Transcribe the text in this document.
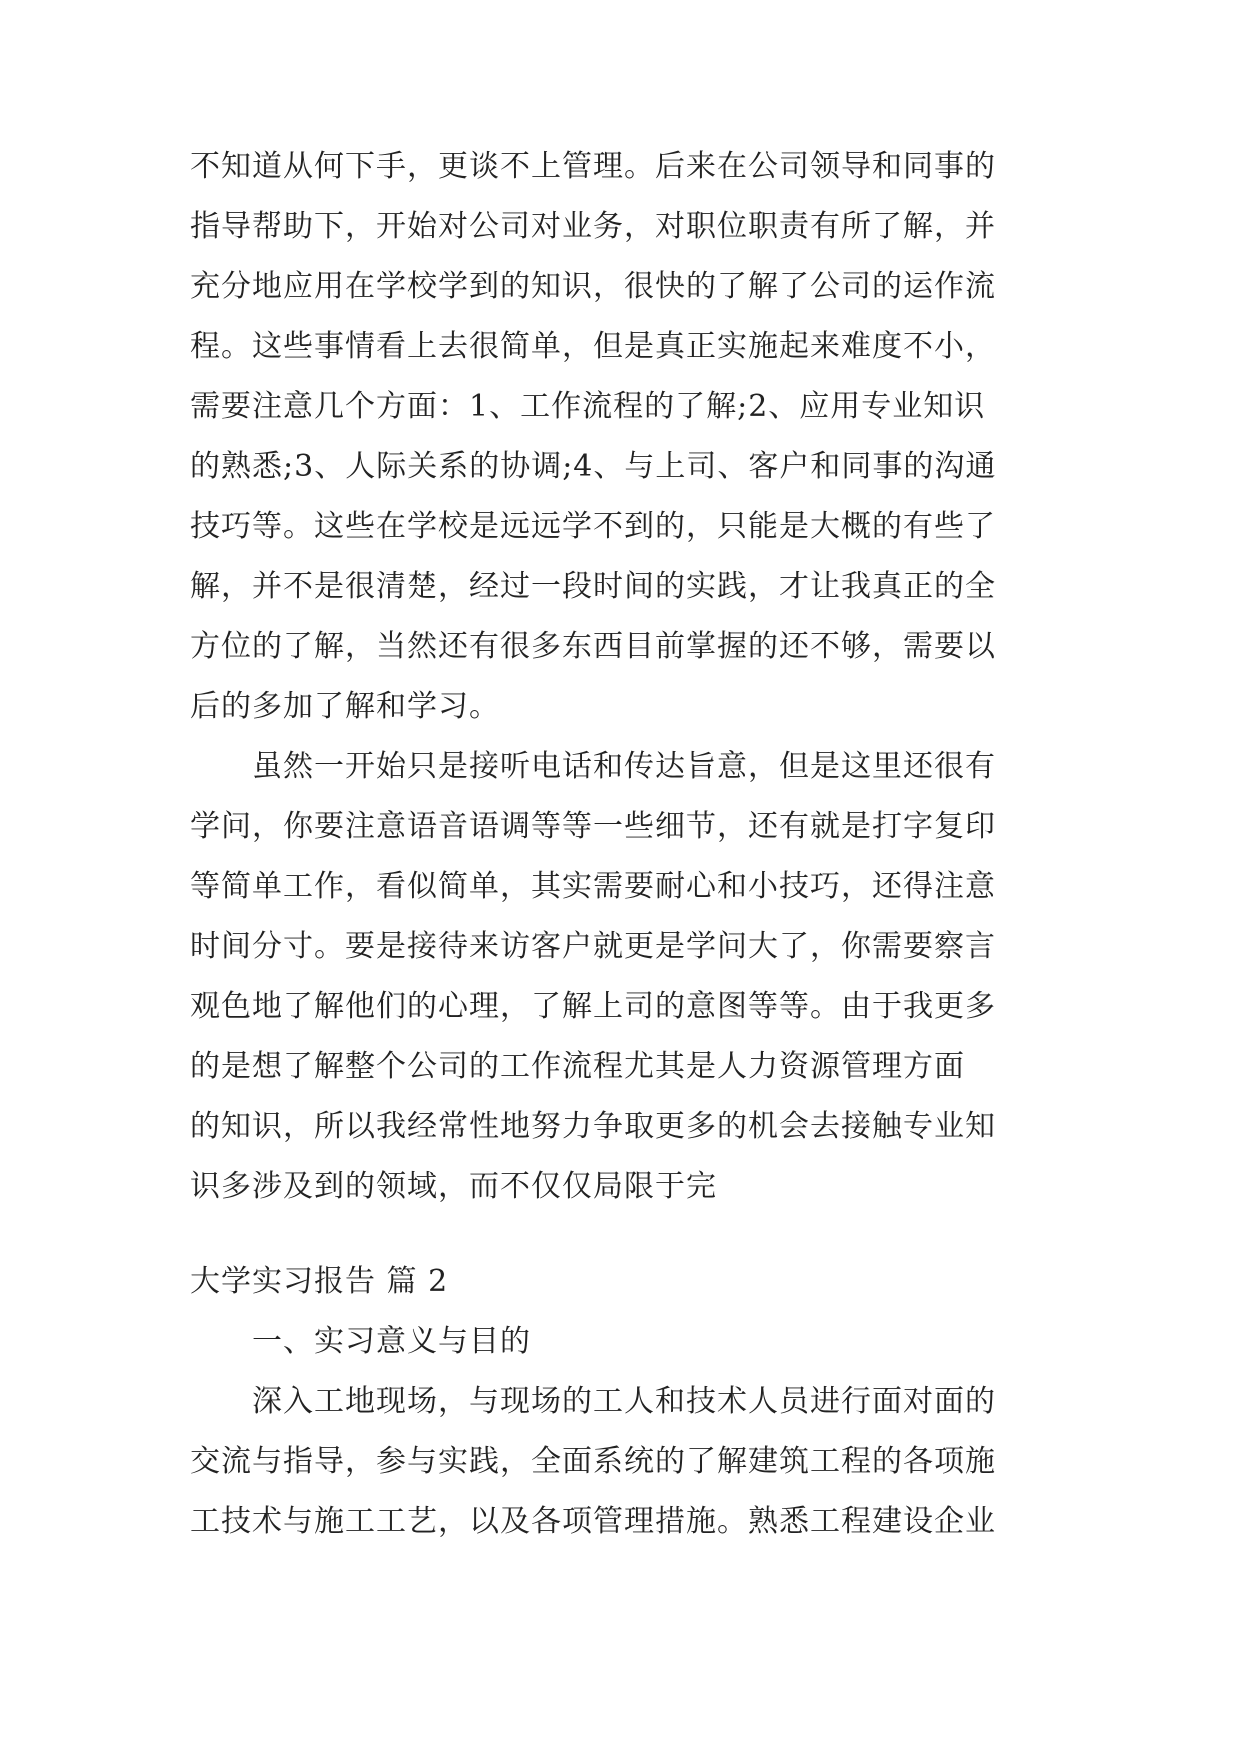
不知道从何下手，更谈不上管理。后来在公司领导和同事的
指导帮助下，开始对公司对业务，对职位职责有所了解，并
充分地应用在学校学到的知识，很快的了解了公司的运作流
程。这些事情看上去很简单，但是真正实施起来难度不小，
需要注意几个方面：1、工作流程的了解;2、应用专业知识
的熟悉;3、人际关系的协调;4、与上司、客户和同事的沟通
技巧等。这些在学校是远远学不到的，只能是大概的有些了
解，并不是很清楚，经过一段时间的实践，才让我真正的全
方位的了解，当然还有很多东西目前掌握的还不够，需要以
后的多加了解和学习。
虽然一开始只是接听电话和传达旨意，但是这里还很有
学问，你要注意语音语调等等一些细节，还有就是打字复印
等简单工作，看似简单，其实需要耐心和小技巧，还得注意
时间分寸。要是接待来访客户就更是学问大了，你需要察言
观色地了解他们的心理，了解上司的意图等等。由于我更多
的是想了解整个公司的工作流程尤其是人力资源管理方面
的知识，所以我经常性地努力争取更多的机会去接触专业知
识多涉及到的领域，而不仅仅局限于完
大学实习报告 篇 2
一、实习意义与目的
深入工地现场，与现场的工人和技术人员进行面对面的
交流与指导，参与实践，全面系统的了解建筑工程的各项施
工技术与施工工艺，以及各项管理措施。熟悉工程建设企业
